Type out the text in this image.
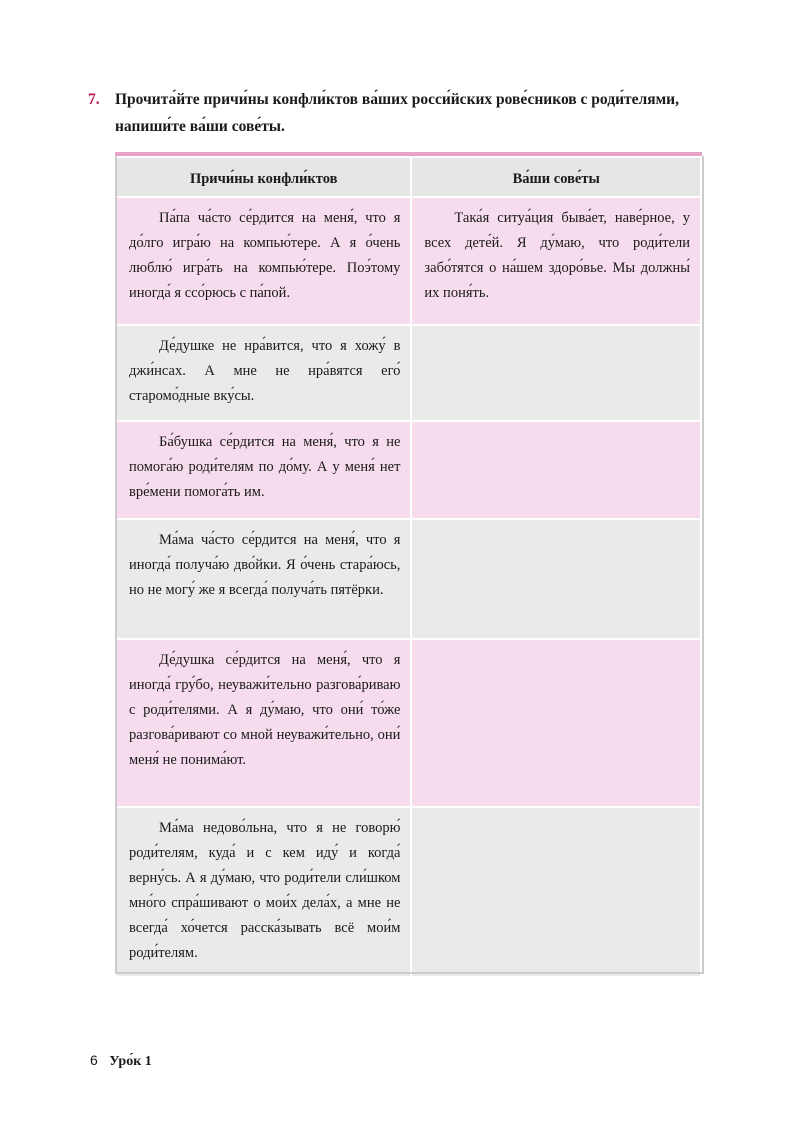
7. Прочита́йте причи́ны конфли́ктов ва́ших росси́йских рове́сников с роди́телями, напиши́те ва́ши сове́ты.
Причи́ны конфли́ктов	Ва́ши сове́ты
Па́па ча́сто се́рдится на меня́, что я до́лго игра́ю на компью́тере. А я о́чень люблю́ игра́ть на компью́тере. Поэ́тому иногда́ я ссо́рюсь с па́пой.	Така́я ситуа́ция быва́ет, наве́рное, у всех дете́й. Я ду́маю, что роди́тели забо́тятся о на́шем здоро́вье. Мы должны́ их поня́ть.
Де́душке не нра́вится, что я хожу́ в джи́нсах. А мне не нра́вятся его́ старомо́дные вку́сы.	
Ба́бушка се́рдится на меня́, что я не помога́ю роди́телям по до́му. А у меня́ нет вре́мени помога́ть им.	
Ма́ма ча́сто се́рдится на меня́, что я иногда́ получа́ю дво́йки. Я о́чень стара́юсь, но не могу́ же я всегда́ получа́ть пятёрки.	
Де́душка се́рдится на меня́, что я иногда́ гру́бо, неуважи́тельно разгова́риваю с роди́телями. А я ду́маю, что они́ то́же разгова́ривают со мной неуважи́тельно, они́ меня́ не понима́ют.	
Ма́ма недово́льна, что я не говорю́ роди́телям, куда́ и с кем иду́ и когда́ верну́сь. А я ду́маю, что роди́тели сли́шком мно́го спра́шивают о мои́х дела́х, а мне не всегда́ хо́чется расска́зывать всё мои́м роди́телям.	
6 Уро́к 1
